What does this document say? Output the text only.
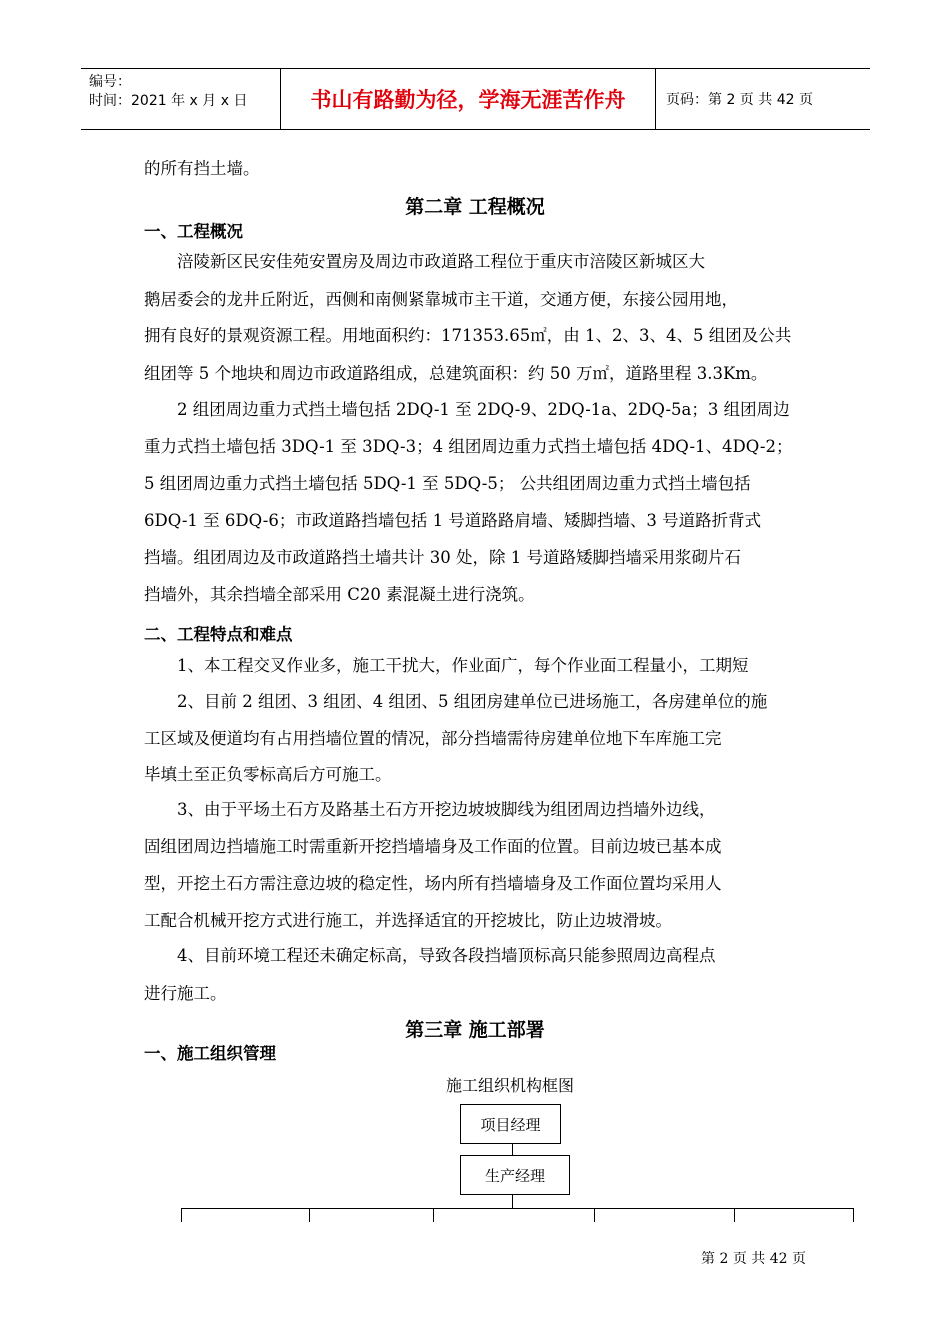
编号：
时间：2021 年 x 月 x 日	书山有路勤为径，学海无涯苦作舟	页码：第 2 页 共 42 页
的所有挡土墙。
第二章 工程概况
一、工程概况
涪陵新区民安佳苑安置房及周边市政道路工程位于重庆市涪陵区新城区大
鹅居委会的龙井丘附近，西侧和南侧紧靠城市主干道，交通方便，东接公园用地，
拥有良好的景观资源工程。用地面积约：171353.65㎡，由 1、2、3、4、5 组团及公共
组团等 5 个地块和周边市政道路组成，总建筑面积：约 50 万㎡，道路里程 3.3Km。
2 组团周边重力式挡土墙包括 2DQ-1 至 2DQ-9、2DQ-1a、2DQ-5a；3 组团周边
重力式挡土墙包括 3DQ-1 至 3DQ-3；4 组团周边重力式挡土墙包括 4DQ-1、4DQ-2；
5 组团周边重力式挡土墙包括 5DQ-1 至 5DQ-5； 公共组团周边重力式挡土墙包括
6DQ-1 至 6DQ-6；市政道路挡墙包括 1 号道路路肩墙、矮脚挡墙、3 号道路折背式
挡墙。组团周边及市政道路挡土墙共计 30 处，除 1 号道路矮脚挡墙采用浆砌片石
挡墙外，其余挡墙全部采用 C20 素混凝土进行浇筑。
二、工程特点和难点
1、本工程交叉作业多，施工干扰大，作业面广，每个作业面工程量小，工期短
2、目前 2 组团、3 组团、4 组团、5 组团房建单位已进场施工，各房建单位的施
工区域及便道均有占用挡墙位置的情况，部分挡墙需待房建单位地下车库施工完
毕填土至正负零标高后方可施工。
3、由于平场土石方及路基土石方开挖边坡坡脚线为组团周边挡墙外边线，
固组团周边挡墙施工时需重新开挖挡墙墙身及工作面的位置。目前边坡已基本成
型，开挖土石方需注意边坡的稳定性，场内所有挡墙墙身及工作面位置均采用人
工配合机械开挖方式进行施工，并选择适宜的开挖坡比，防止边坡滑坡。
4、目前环境工程还未确定标高，导致各段挡墙顶标高只能参照周边高程点
进行施工。
第三章 施工部署
一、施工组织管理
施工组织机构框图
项目经理
生产经理
第 2 页 共 42 页
